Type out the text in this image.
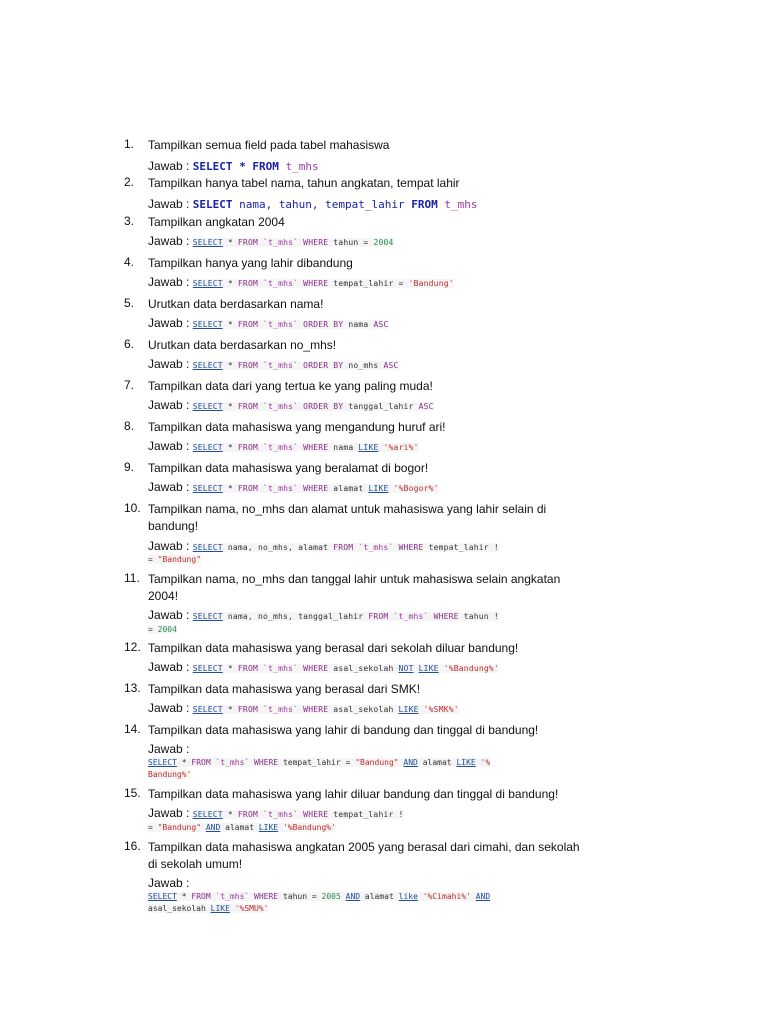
1.	Tampilkan semua field pada tabel mahasiswa
Jawab : SELECT * FROM t_mhs
2.	Tampilkan hanya tabel nama, tahun angkatan, tempat lahir
Jawab : SELECT nama, tahun, tempat_lahir FROM t_mhs
3.	Tampilkan angkatan 2004
Jawab : SELECT * FROM `t_mhs` WHERE tahun = 2004
4.	Tampilkan hanya yang lahir dibandung
Jawab : SELECT * FROM `t_mhs` WHERE tempat_lahir = 'Bandung'
5.	Urutkan data berdasarkan nama!
Jawab : SELECT * FROM `t_mhs` ORDER BY nama ASC
6.	Urutkan data berdasarkan no_mhs!
Jawab : SELECT * FROM `t_mhs` ORDER BY no_mhs ASC
7.	Tampilkan data dari yang tertua ke yang paling muda!
Jawab : SELECT * FROM `t_mhs` ORDER BY tanggal_lahir ASC
8.	Tampilkan data mahasiswa yang mengandung huruf ari!
Jawab : SELECT * FROM `t_mhs` WHERE nama LIKE '%ari%'
9.	Tampilkan data mahasiswa yang beralamat di bogor!
Jawab : SELECT * FROM `t_mhs` WHERE alamat LIKE '%Bogor%'
10. Tampilkan nama, no_mhs dan alamat untuk mahasiswa yang lahir selain di bandung!
Jawab : SELECT nama, no_mhs, alamat FROM `t_mhs` WHERE tempat_lahir !
= "Bandung"
11. Tampilkan nama, no_mhs dan tanggal lahir untuk mahasiswa selain angkatan 2004!
Jawab : SELECT nama, no_mhs, tanggal_lahir FROM `t_mhs` WHERE tahun !
= 2004
12. Tampilkan data mahasiswa yang berasal dari sekolah diluar bandung!
Jawab : SELECT * FROM `t_mhs` WHERE asal_sekolah NOT LIKE '%Bandung%'
13. Tampilkan data mahasiswa yang berasal dari SMK!
Jawab : SELECT * FROM `t_mhs` WHERE asal_sekolah LIKE '%SMK%'
14. Tampilkan data mahasiswa yang lahir di bandung dan tinggal di bandung!
Jawab :
SELECT * FROM `t_mhs` WHERE tempat_lahir = "Bandung" AND alamat LIKE '%
Bandung%'
15. Tampilkan data mahasiswa yang lahir diluar bandung dan tinggal di bandung!
Jawab : SELECT * FROM `t_mhs` WHERE tempat_lahir !
= "Bandung" AND alamat LIKE '%Bandung%'
16. Tampilkan data mahasiswa angkatan 2005 yang berasal dari cimahi, dan sekolah di sekolah umum!
Jawab :
SELECT * FROM `t_mhs` WHERE tahun = 2005 AND alamat like '%Cimahi%' AND
asal_sekolah LIKE '%SMU%'
